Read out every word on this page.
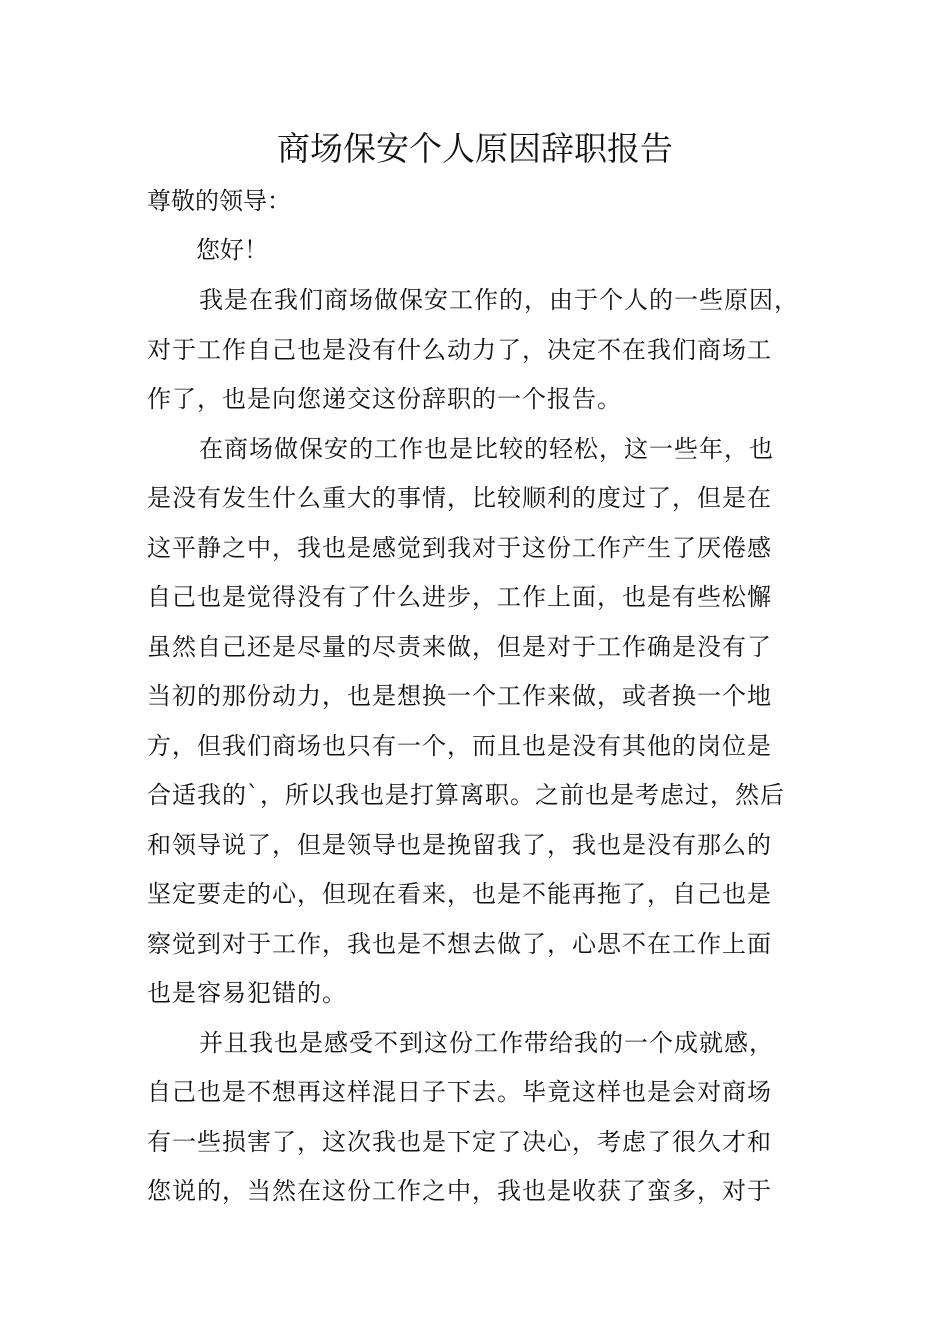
商场保安个人原因辞职报告

尊敬的领导：

您好！

我是在我们商场做保安工作的，由于个人的一些原因，
对于工作自己也是没有什么动力了，决定不在我们商场工
作了，也是向您递交这份辞职的一个报告。
在商场做保安的工作也是比较的轻松，这一些年，也
是没有发生什么重大的事情，比较顺利的度过了，但是在
这平静之中，我也是感觉到我对于这份工作产生了厌倦感
自己也是觉得没有了什么进步，工作上面，也是有些松懈
虽然自己还是尽量的尽责来做，但是对于工作确是没有了
当初的那份动力，也是想换一个工作来做，或者换一个地
方，但我们商场也只有一个，而且也是没有其他的岗位是
合适我的`，所以我也是打算离职。之前也是考虑过，然后
和领导说了，但是领导也是挽留我了，我也是没有那么的
坚定要走的心，但现在看来，也是不能再拖了，自己也是
察觉到对于工作，我也是不想去做了，心思不在工作上面
也是容易犯错的。
并且我也是感受不到这份工作带给我的一个成就感，
自己也是不想再这样混日子下去。毕竟这样也是会对商场
有一些损害了，这次我也是下定了决心，考虑了很久才和
您说的，当然在这份工作之中，我也是收获了蛮多，对于
